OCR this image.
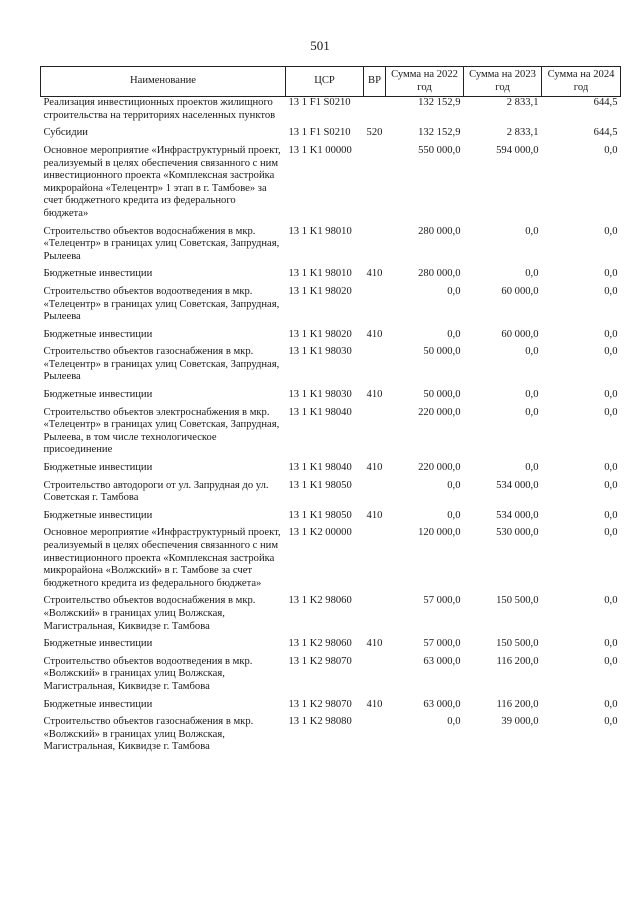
501
Наименование	ЦСР	ВР	Сумма на 2022 год	Сумма на 2023 год	Сумма на 2024 год
Реализация инвестиционных проектов жилищного строительства на территориях населенных пунктов	13 1 F1 S0210		132 152,9	2 833,1	644,5
Субсидии	13 1 F1 S0210	520	132 152,9	2 833,1	644,5
Основное мероприятие «Инфраструктурный проект, реализуемый в целях обеспечения связанного с ним инвестиционного проекта «Комплексная застройка микрорайона «Телецентр» 1 этап в г. Тамбове» за счет бюджетного кредита из федерального бюджета»	13 1 K1 00000		550 000,0	594 000,0	0,0
Строительство объектов водоснабжения в мкр. «Телецентр» в границах улиц Советская, Запрудная, Рылеева	13 1 K1 98010		280 000,0	0,0	0,0
Бюджетные инвестиции	13 1 K1 98010	410	280 000,0	0,0	0,0
Строительство объектов водоотведения в мкр. «Телецентр» в границах улиц Советская, Запрудная, Рылеева	13 1 K1 98020		0,0	60 000,0	0,0
Бюджетные инвестиции	13 1 K1 98020	410	0,0	60 000,0	0,0
Строительство объектов газоснабжения в мкр. «Телецентр» в границах улиц Советская, Запрудная, Рылеева	13 1 K1 98030		50 000,0	0,0	0,0
Бюджетные инвестиции	13 1 K1 98030	410	50 000,0	0,0	0,0
Строительство объектов электроснабжения в мкр. «Телецентр» в границах улиц Советская, Запрудная, Рылеева, в том числе технологическое присоединение	13 1 K1 98040		220 000,0	0,0	0,0
Бюджетные инвестиции	13 1 K1 98040	410	220 000,0	0,0	0,0
Строительство автодороги от ул. Запрудная до ул. Советская г. Тамбова	13 1 K1 98050		0,0	534 000,0	0,0
Бюджетные инвестиции	13 1 K1 98050	410	0,0	534 000,0	0,0
Основное мероприятие «Инфраструктурный проект, реализуемый в целях обеспечения связанного с ним инвестиционного проекта «Комплексная застройка микрорайона «Волжский» в г. Тамбове за счет бюджетного кредита из федерального бюджета»	13 1 K2 00000		120 000,0	530 000,0	0,0
Строительство объектов водоснабжения в мкр. «Волжский» в границах улиц Волжская, Магистральная, Киквидзе г. Тамбова	13 1 K2 98060		57 000,0	150 500,0	0,0
Бюджетные инвестиции	13 1 K2 98060	410	57 000,0	150 500,0	0,0
Строительство объектов водоотведения в мкр. «Волжский» в границах улиц Волжская, Магистральная, Киквидзе г. Тамбова	13 1 K2 98070		63 000,0	116 200,0	0,0
Бюджетные инвестиции	13 1 K2 98070	410	63 000,0	116 200,0	0,0
Строительство объектов газоснабжения в мкр. «Волжский» в границах улиц Волжская, Магистральная, Киквидзе г. Тамбова	13 1 K2 98080		0,0	39 000,0	0,0
